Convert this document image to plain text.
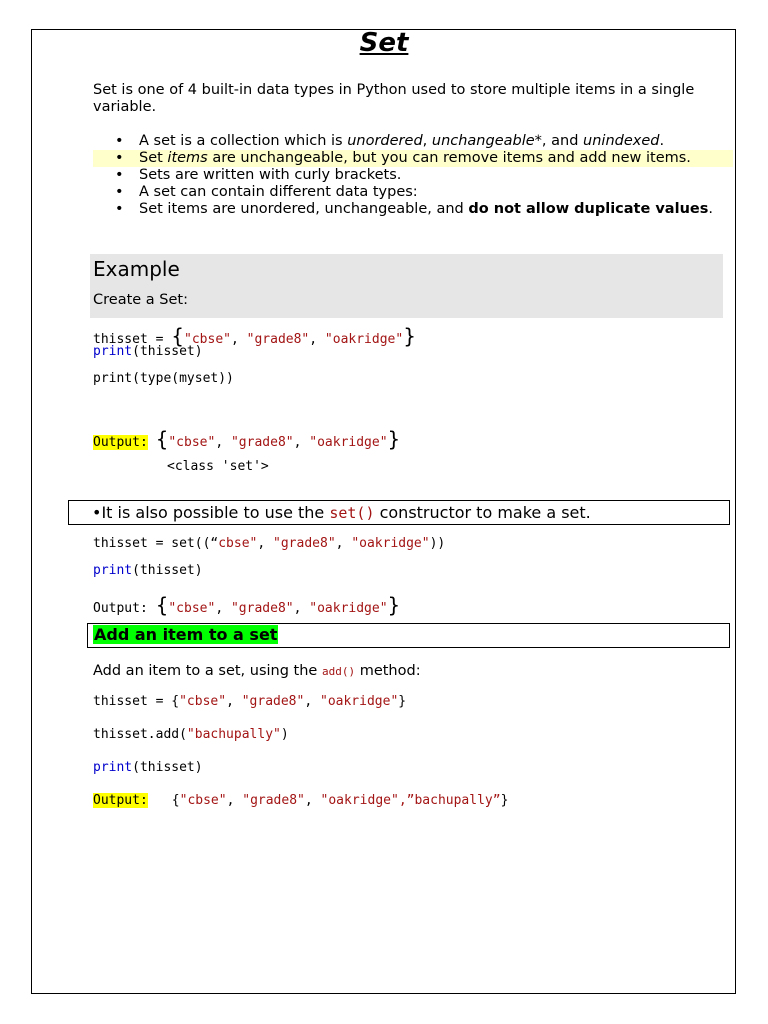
Set
Set is one of 4 built-in data types in Python used to store multiple items in a single variable.
• A set is a collection which is unordered, unchangeable*, and unindexed.
• Set items are unchangeable, but you can remove items and add new items.
• Sets are written with curly brackets.
• A set can contain different data types:
• Set items are unordered, unchangeable, and do not allow duplicate values.
Example
Create a Set:
thisset = {"cbse", "grade8", "oakridge"}
print(thisset)
print(type(myset))
Output: {"cbse", "grade8", "oakridge"}
<class 'set'>
•It is also possible to use the set() constructor to make a set.
thisset = set((“cbse", "grade8", "oakridge"))
print(thisset)
Output: {"cbse", "grade8", "oakridge"}
Add an item to a set
Add an item to a set, using the add() method:
thisset = {"cbse", "grade8", "oakridge"}
thisset.add("bachupally")
print(thisset)
Output: {"cbse", "grade8", "oakridge",”bachupally”}
